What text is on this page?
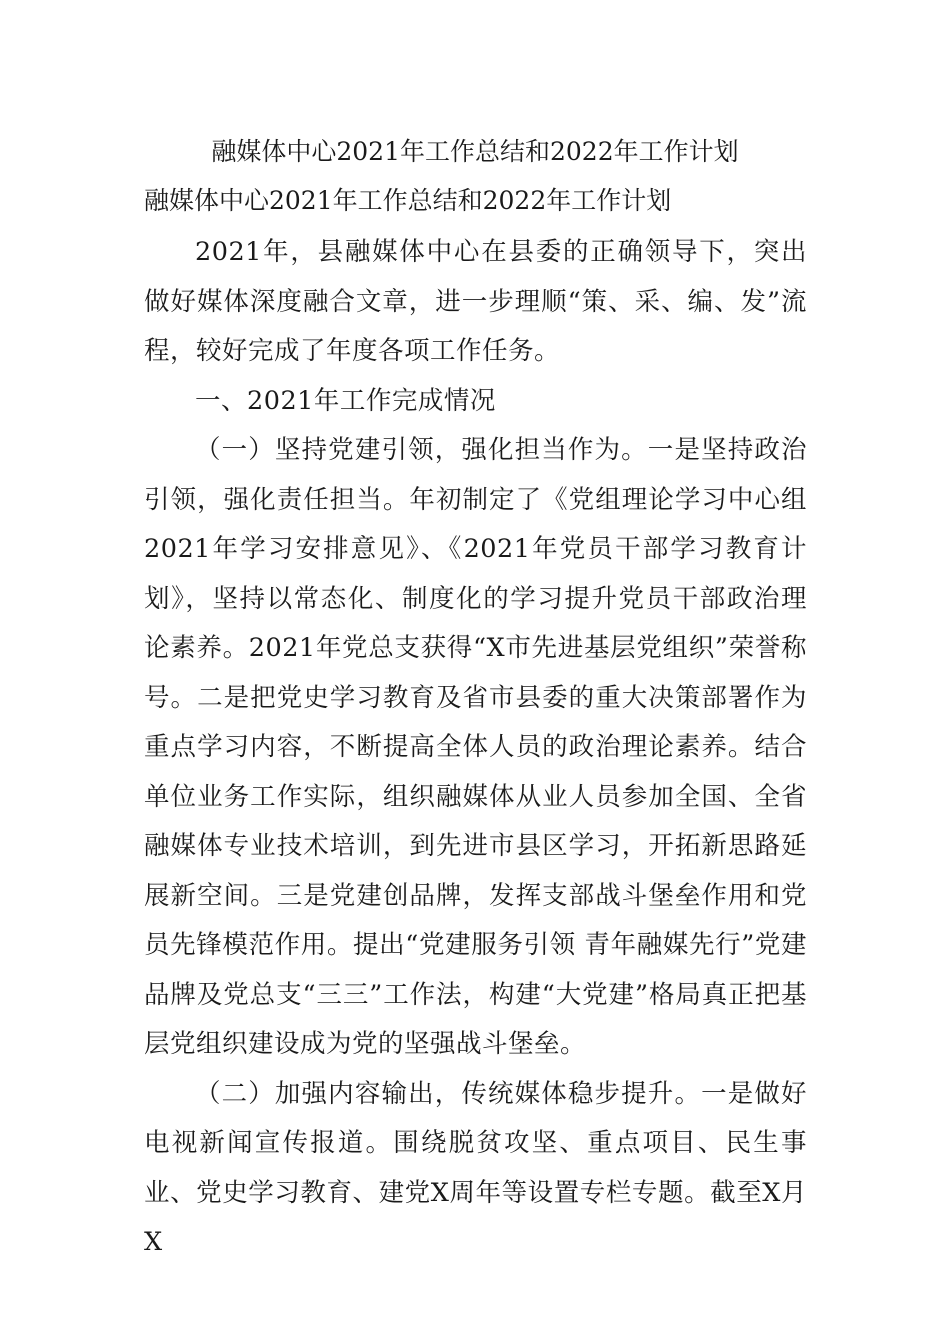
融媒体中心2021年工作总结和2022年工作计划
融媒体中心2021年工作总结和2022年工作计划

2021年，县融媒体中心在县委的正确领导下，突出做好媒体深度融合文章，进一步理顺“策、采、编、发”流程，较好完成了年度各项工作任务。

一、2021年工作完成情况

（一）坚持党建引领，强化担当作为。一是坚持政治引领，强化责任担当。年初制定了《党组理论学习中心组2021年学习安排意见》、《2021年党员干部学习教育计划》，坚持以常态化、制度化的学习提升党员干部政治理论素养。2021年党总支获得“X市先进基层党组织”荣誉称号。二是把党史学习教育及省市县委的重大决策部署作为重点学习内容，不断提高全体人员的政治理论素养。结合单位业务工作实际，组织融媒体从业人员参加全国、全省融媒体专业技术培训，到先进市县区学习，开拓新思路延展新空间。三是党建创品牌，发挥支部战斗堡垒作用和党员先锋模范作用。提出“党建服务引领 青年融媒先行”党建品牌及党总支“三三”工作法，构建“大党建”格局真正把基层党组织建设成为党的坚强战斗堡垒。

（二）加强内容输出，传统媒体稳步提升。一是做好电视新闻宣传报道。围绕脱贫攻坚、重点项目、民生事业、党史学习教育、建党X周年等设置专栏专题。截至X月X
